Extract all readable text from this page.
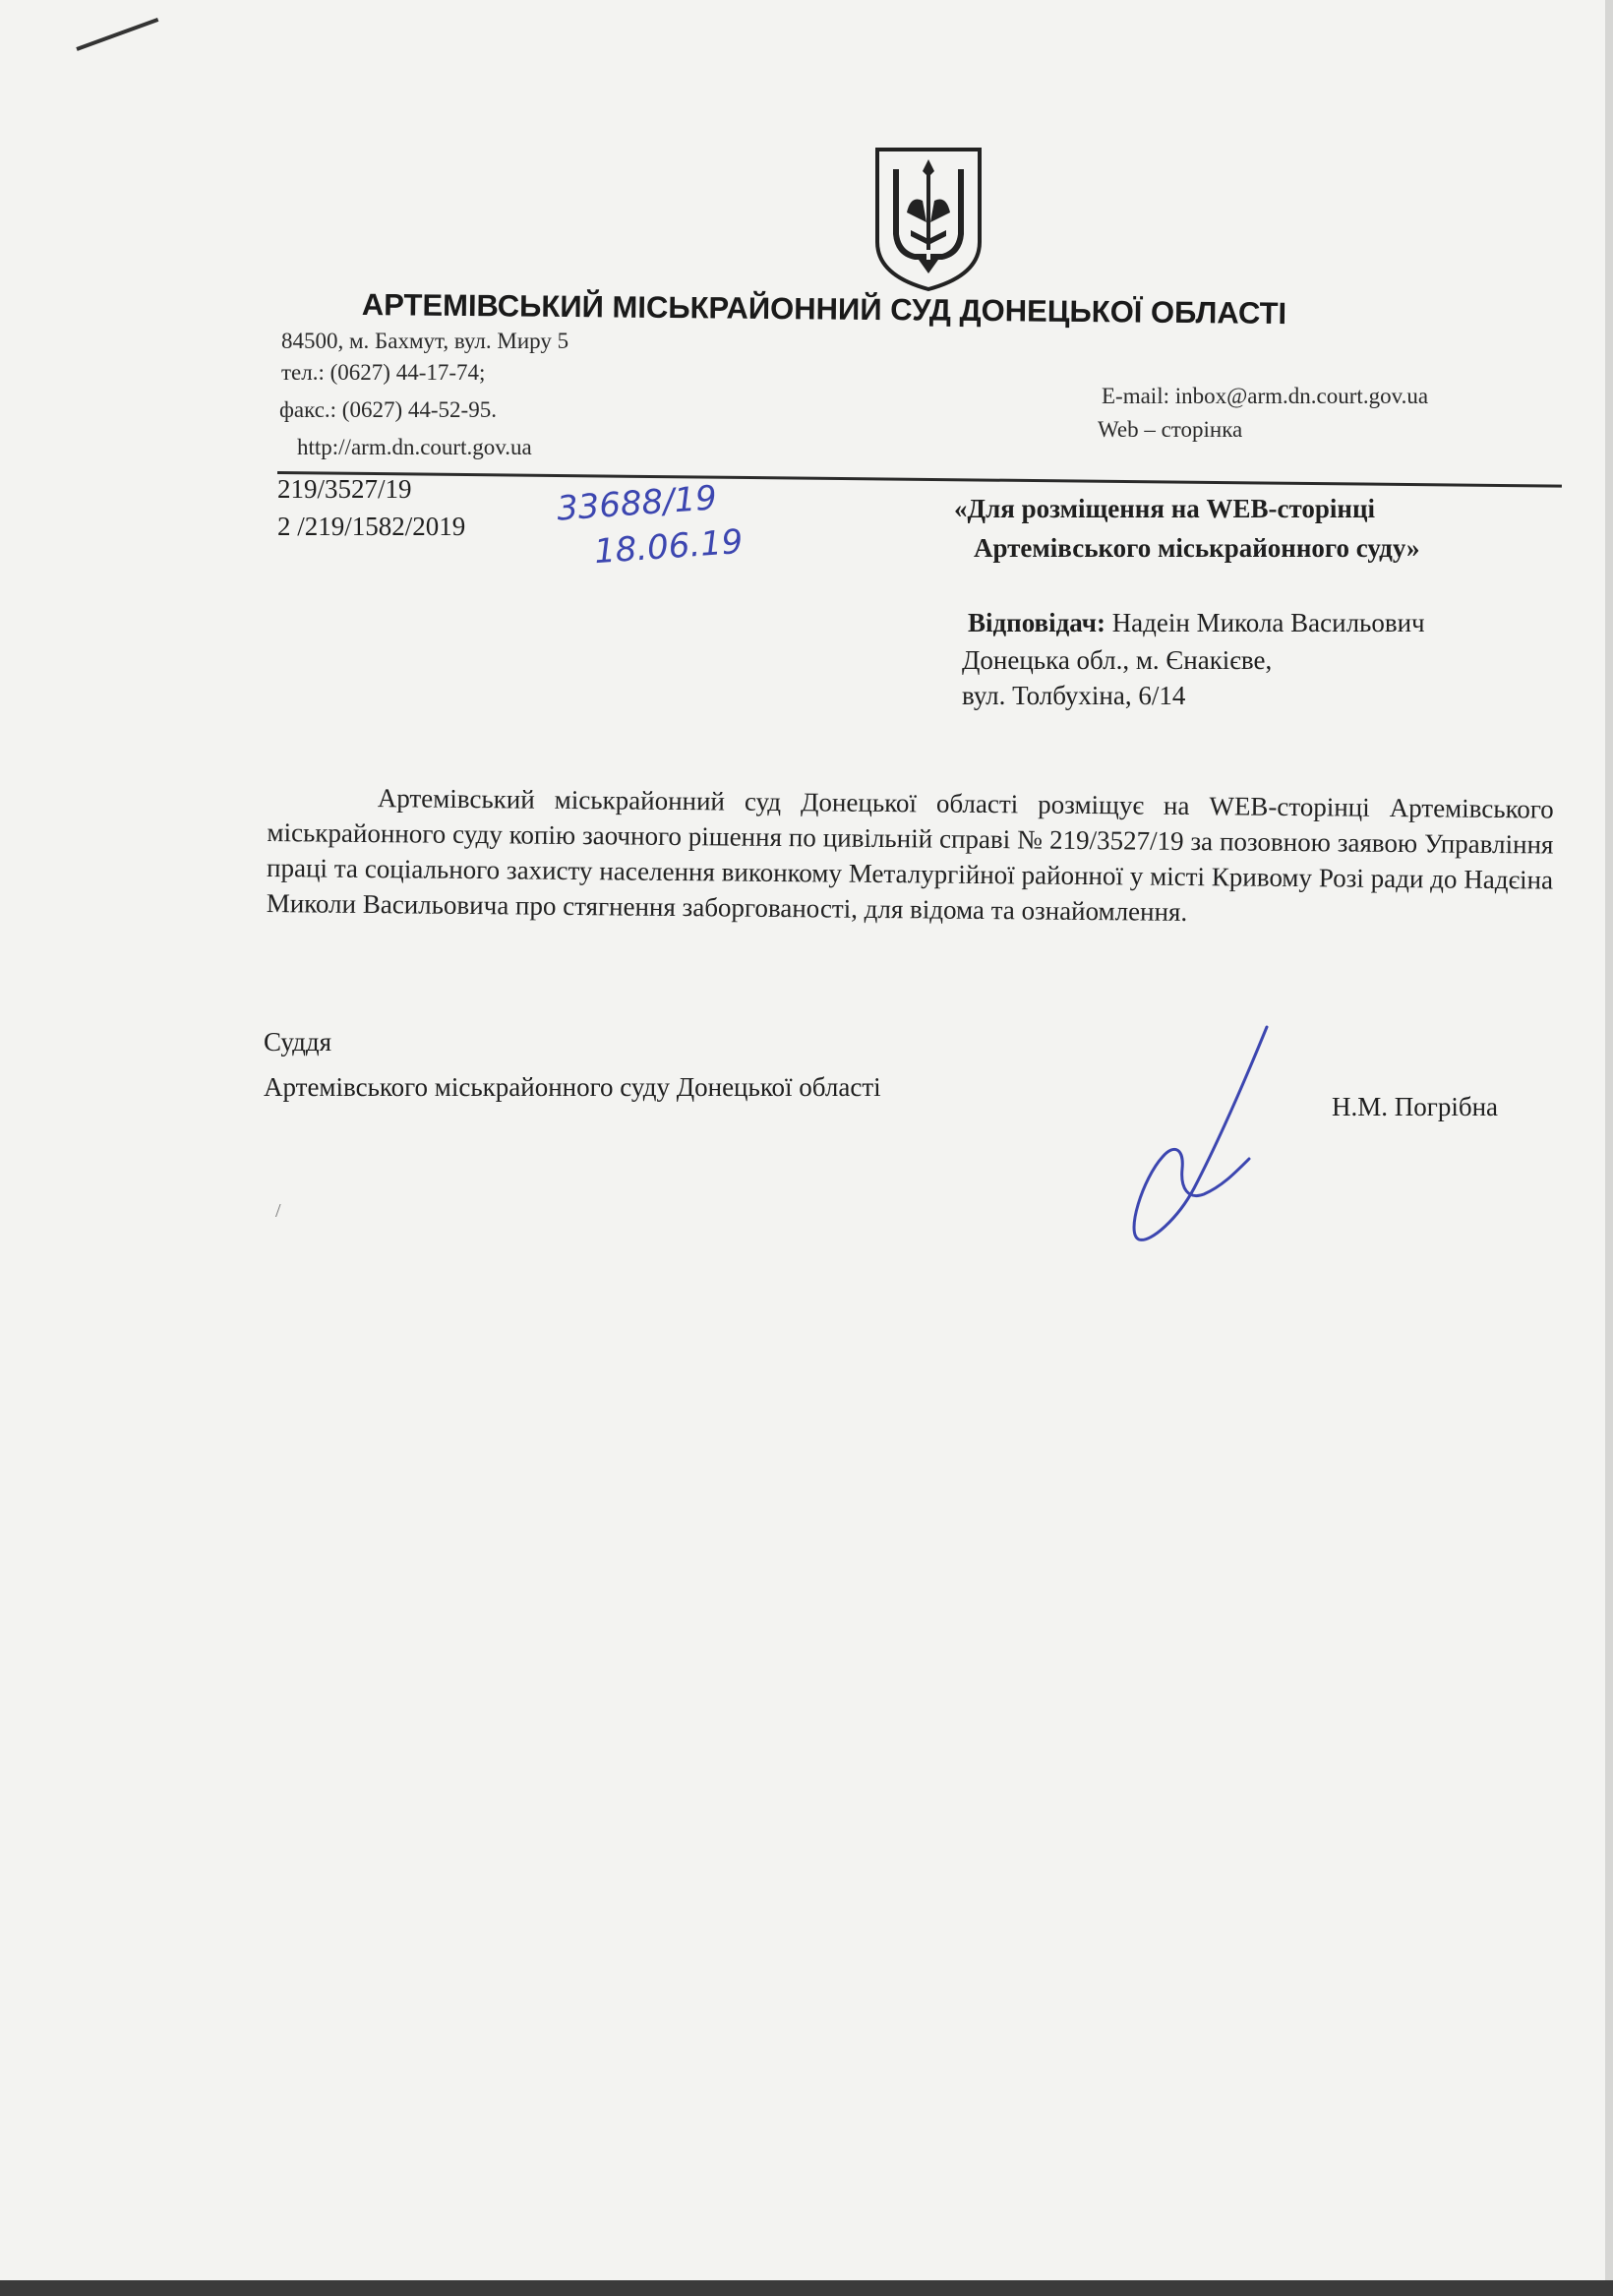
АРТЕМІВСЬКИЙ МІСЬКРАЙОННИЙ СУД ДОНЕЦЬКОЇ ОБЛАСТІ
84500, м. Бахмут, вул. Миру 5
тел.: (0627) 44-17-74;
факс.: (0627) 44-52-95.
http://arm.dn.court.gov.ua
E-mail: inbox@arm.dn.court.gov.ua
Web – сторінка
219/3527/19
2 /219/1582/2019	33688/19
18.06.19
«Для розміщення на WEB-сторінці
Артемівського міськрайонного суду»
Відповідач: Надеін Микола Васильович
Донецька обл., м. Єнакієве,
вул. Толбухіна, 6/14
Артемівський міськрайонний суд Донецької області розміщує на WEB-сторінці Артемівського міськрайонного суду копію заочного рішення по цивільній справі № 219/3527/19 за позовною заявою Управління праці та соціального захисту населення виконкому Металургійної районної у місті Кривому Розі ради до Надєіна Миколи Васильовича про стягнення заборгованості, для відома та ознайомлення.
Суддя
Артемівського міськрайонного суду Донецької області
Н.М. Погрібна
/
